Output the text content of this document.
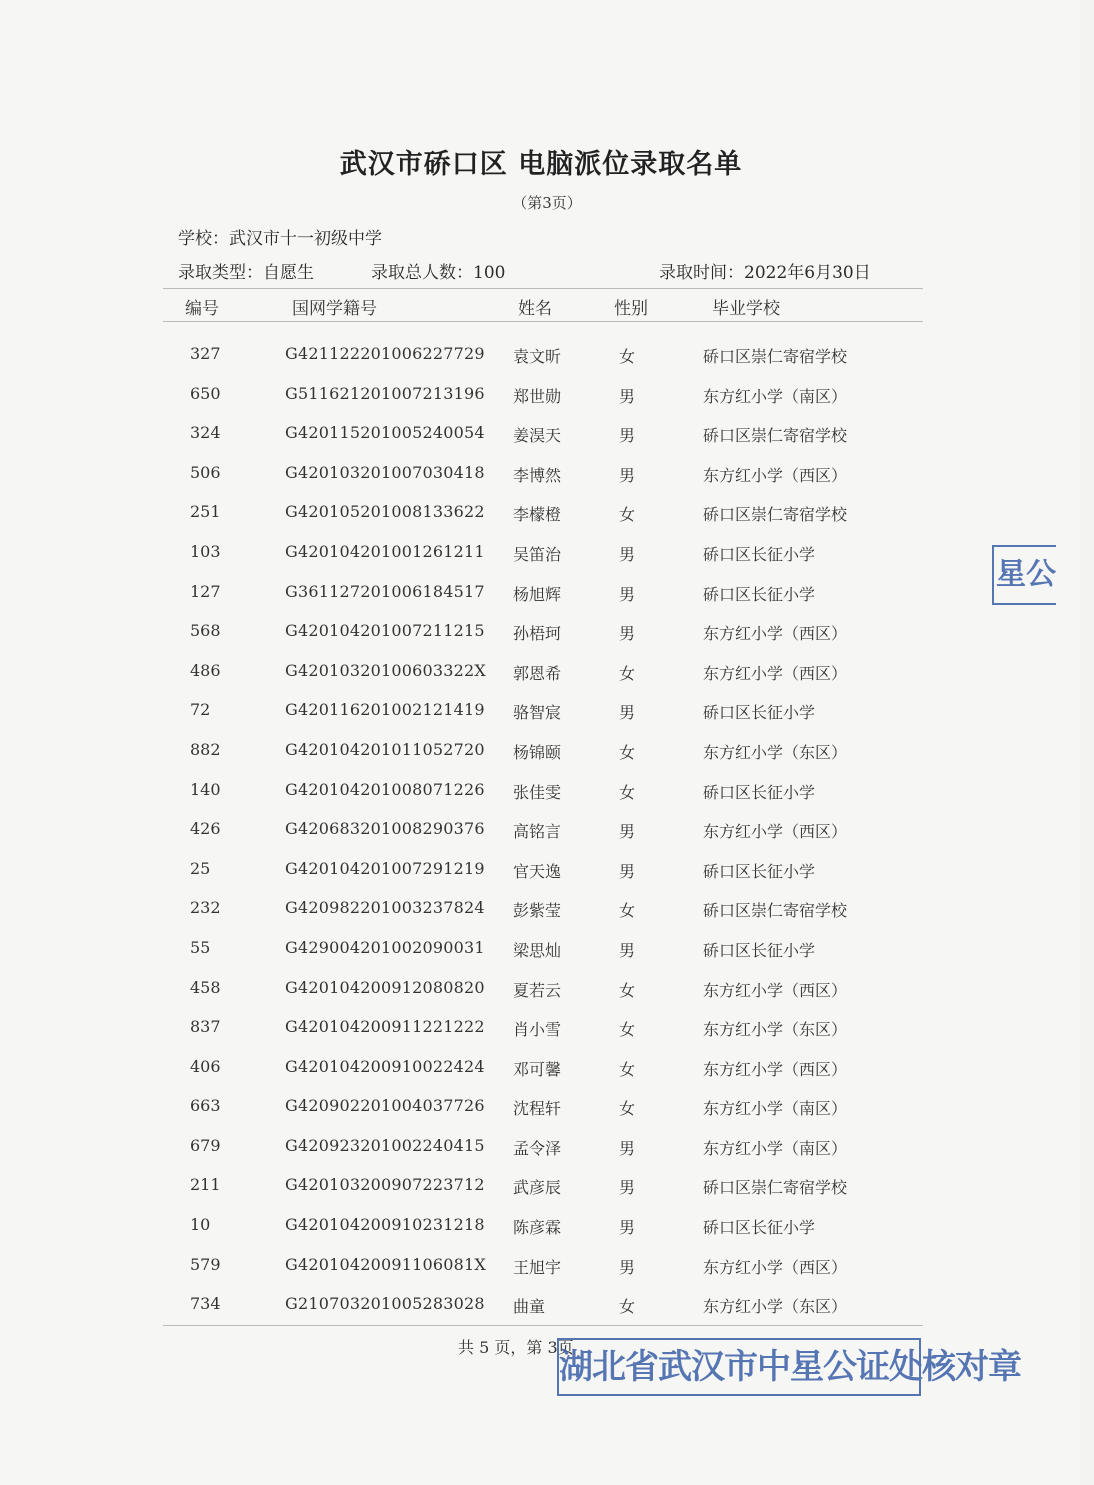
武汉市硚口区 电脑派位录取名单
（第3页）
学校：武汉市十一初级中学
录取类型：自愿生	录取总人数：100	录取时间：2022年6月30日
编号	国网学籍号	姓名	性别	毕业学校
327	G421122201006227729 袁文昕	女	硚口区崇仁寄宿学校
650	G511621201007213196 郑世勋	男	东方红小学（南区）
324	G420115201005240054 姜淏天	男	硚口区崇仁寄宿学校
506	G420103201007030418 李博然	男	东方红小学（西区）
251	G420105201008133622 李檬橙	女	硚口区崇仁寄宿学校
103	G420104201001261211 吴笛治	男	硚口区长征小学
127	G361127201006184517 杨旭辉	男	硚口区长征小学
568	G420104201007211215 孙梧珂	男	东方红小学（西区）
486	G42010320100603322X 郭恩希	女	东方红小学（西区）
72	G420116201002121419 骆智宸	男	硚口区长征小学
882	G420104201011052720 杨锦颐	女	东方红小学（东区）
140	G420104201008071226 张佳雯	女	硚口区长征小学
426	G420683201008290376 高铭言	男	东方红小学（西区）
25	G420104201007291219 官天逸	男	硚口区长征小学
232	G420982201003237824 彭紫莹	女	硚口区崇仁寄宿学校
55	G429004201002090031 梁思灿	男	硚口区长征小学
458	G420104200912080820 夏若云	女	东方红小学（西区）
837	G420104200911221222 肖小雪	女	东方红小学（东区）
406	G420104200910022424 邓可馨	女	东方红小学（西区）
663	G420902201004037726 沈程轩	女	东方红小学（南区）
679	G420923201002240415 孟令泽	男	东方红小学（南区）
211	G420103200907223712 武彦辰	男	硚口区崇仁寄宿学校
10	G420104200910231218 陈彦霖	男	硚口区长征小学
579	G42010420091106081X 王旭宇	男	东方红小学（西区）
734	G210703201005283028 曲童	女	东方红小学（东区）
共 5 页，第 3页
湖北省武汉市中星公证处核对章
星公
